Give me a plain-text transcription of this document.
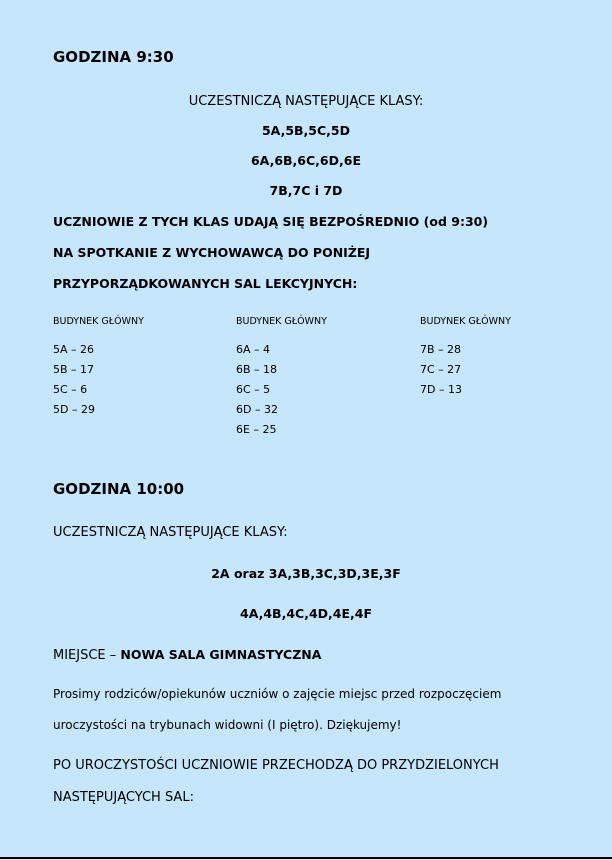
GODZINA 9:30
UCZESTNICZĄ NASTĘPUJĄCE KLASY:
5A,5B,5C,5D
6A,6B,6C,6D,6E
7B,7C i 7D
UCZNIOWIE Z TYCH KLAS UDAJĄ SIĘ BEZPOŚREDNIO (od 9:30)
NA SPOTKANIE Z WYCHOWAWCĄ DO PONIŻEJ
PRZYPORZĄDKOWANYCH SAL LEKCYJNYCH:
BUDYNEK GŁÓWNY
5A – 26
5B – 17
5C – 6
5D – 29
BUDYNEK GŁÓWNY
6A – 4
6B – 18
6C – 5
6D – 32
6E – 25
BUDYNEK GŁÓWNY
7B – 28
7C – 27
7D – 13
GODZINA 10:00
UCZESTNICZĄ NASTĘPUJĄCE KLASY:
2A oraz 3A,3B,3C,3D,3E,3F
4A,4B,4C,4D,4E,4F
MIEJSCE – NOWA SALA GIMNASTYCZNA
Prosimy rodziców/opiekunów uczniów o zajęcie miejsc przed rozpoczęciem
uroczystości na trybunach widowni (I piętro). Dziękujemy!
PO UROCZYSTOŚCI UCZNIOWIE PRZECHODZĄ DO PRZYDZIELONYCH
NASTĘPUJĄCYCH SAL:
